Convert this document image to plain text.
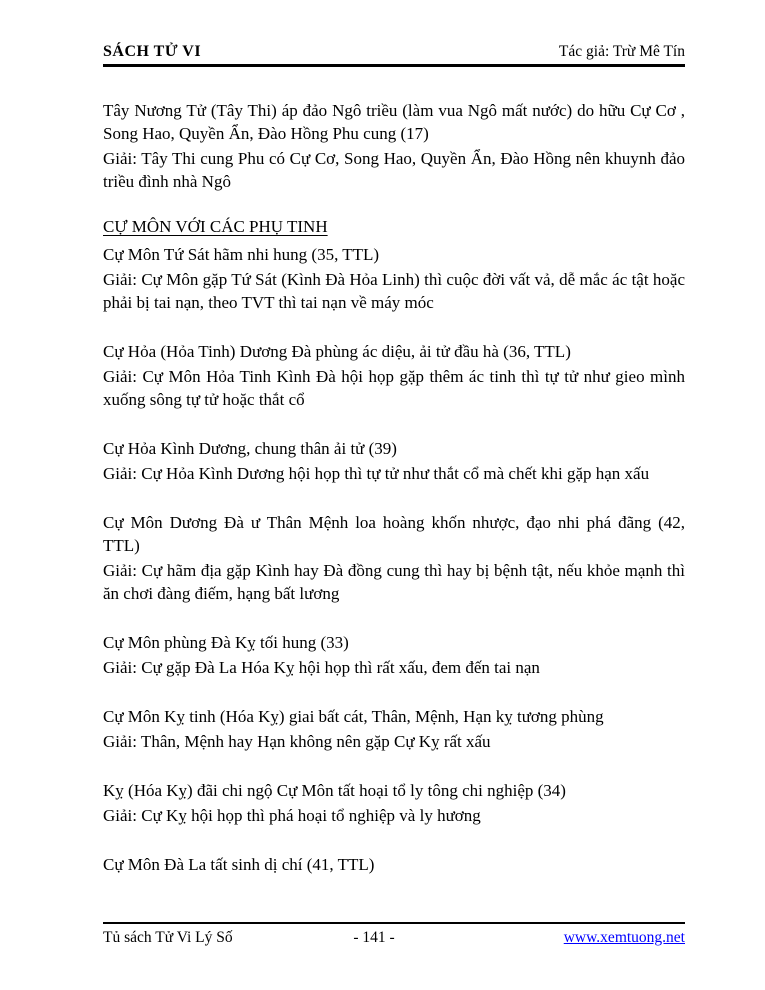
SÁCH TỬ VI	Tác giả: Trừ Mê Tín

Tây Nương Tử (Tây Thi) áp đảo Ngô triều (làm vua Ngô mất nước) do hữu Cự Cơ , Song Hao, Quyền Ẩn, Đào Hồng Phu cung (17)

Giải: Tây Thi cung Phu có Cự Cơ, Song Hao, Quyền Ẩn, Đào Hồng nên khuynh đảo triều đình nhà Ngô

CỰ MÔN VỚI CÁC PHỤ TINH

Cự Môn Tứ Sát hãm nhi hung (35, TTL)

Giải: Cự Môn gặp Tứ Sát (Kình Đà Hỏa Linh) thì cuộc đời vất vả, dễ mắc ác tật hoặc phải bị tai nạn, theo TVT thì tai nạn về máy móc

Cự Hỏa (Hỏa Tinh) Dương Đà phùng ác diệu, ải tử đầu hà (36, TTL)

Giải: Cự Môn Hỏa Tinh Kình Đà hội họp gặp thêm ác tinh thì tự tử như gieo mình xuống sông tự tử hoặc thắt cổ

Cự Hỏa Kình Dương, chung thân ải tử (39)

Giải: Cự Hỏa Kình Dương hội họp thì tự tử như thắt cổ mà chết khi gặp hạn xấu

Cự Môn Dương Đà ư Thân Mệnh loa hoàng khốn nhược, đạo nhi phá đãng (42, TTL)

Giải: Cự hãm địa gặp Kình hay Đà đồng cung thì hay bị bệnh tật, nếu khỏe mạnh thì ăn chơi đàng điếm, hạng bất lương

Cự Môn phùng Đà Kỵ tối hung (33)

Giải: Cự gặp Đà La Hóa Kỵ hội họp thì rất xấu, đem đến tai nạn

Cự Môn Kỵ tinh (Hóa Kỵ) giai bất cát, Thân, Mệnh, Hạn kỵ tương phùng

Giải: Thân, Mệnh hay Hạn không nên gặp Cự Kỵ rất xấu

Kỵ (Hóa Kỵ) đãi chi ngộ Cự Môn tất hoại tổ ly tông chi nghiệp (34)

Giải: Cự Kỵ hội họp thì phá hoại tổ nghiệp và ly hương

Cự Môn Đà La tất sinh dị chí (41, TTL)

Tủ sách Tử Vi Lý Số	- 141 -	www.xemtuong.net
